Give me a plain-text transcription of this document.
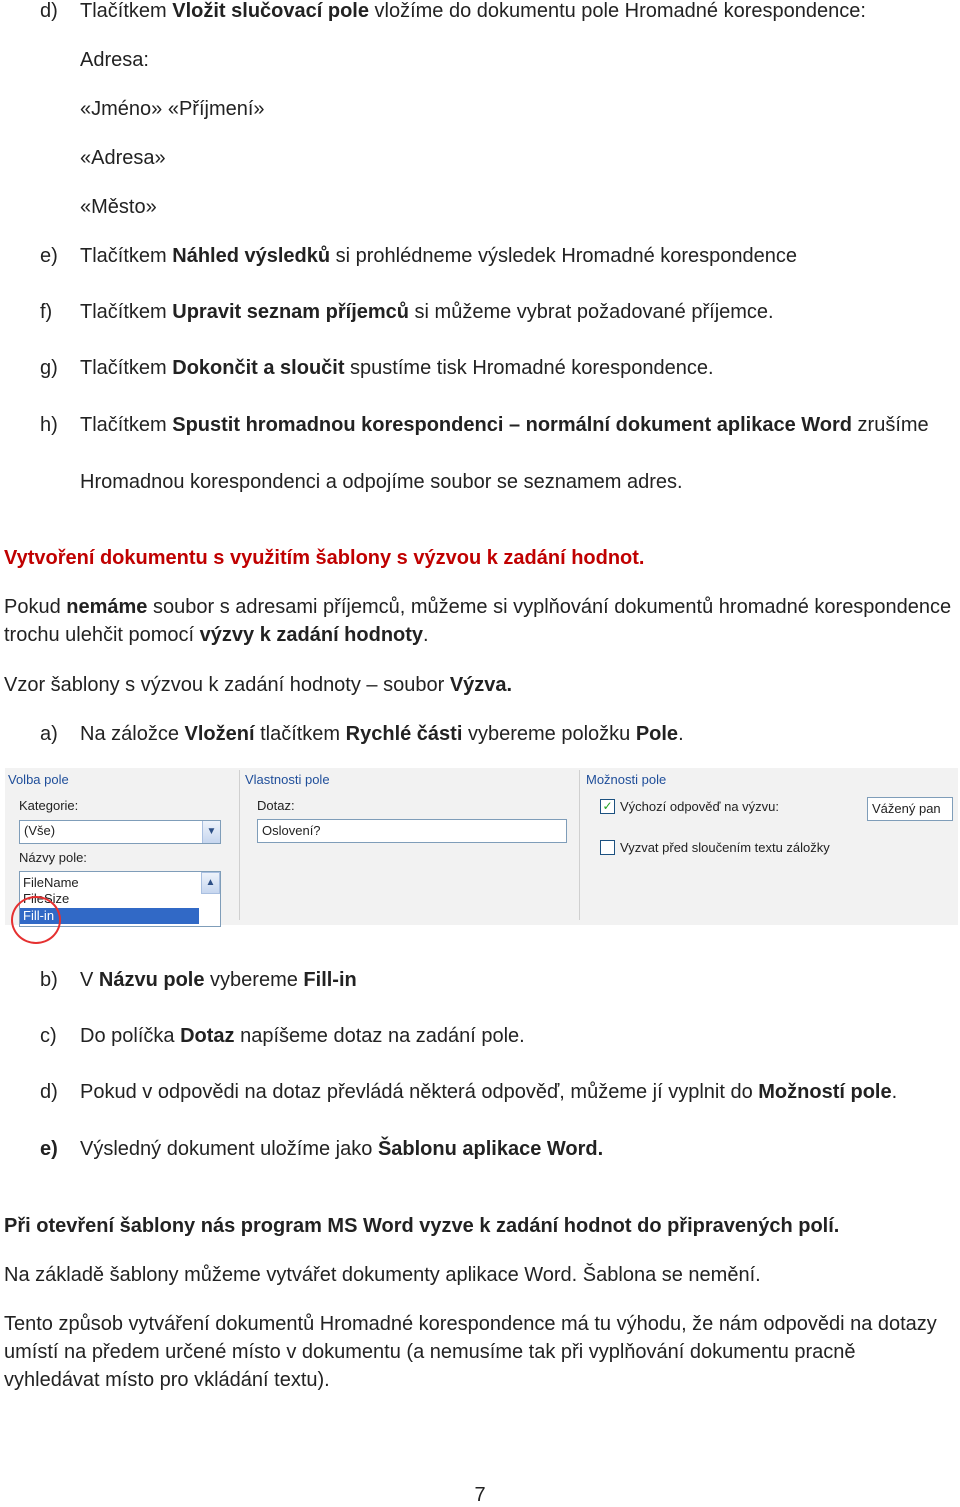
d) Tlačítkem Vložit slučovací pole vložíme do dokumentu pole Hromadné korespondence:
Adresa:
«Jméno» «Příjmení»
«Adresa»
«Město»
e) Tlačítkem Náhled výsledků si prohlédneme výsledek Hromadné korespondence
f) Tlačítkem Upravit seznam příjemců si můžeme vybrat požadované příjemce.
g) Tlačítkem Dokončit a sloučit spustíme tisk Hromadné korespondence.
h) Tlačítkem Spustit hromadnou korespondenci – normální dokument aplikace Word zrušíme
Hromadnou korespondenci a odpojíme soubor se seznamem adres.
Vytvoření dokumentu s využitím šablony s výzvou k zadání hodnot.
Pokud nemáme soubor s adresami příjemců, můžeme si vyplňování dokumentů hromadné korespondence trochu ulehčit pomocí výzvy k zadání hodnoty.
Vzor šablony s výzvou k zadání hodnoty – soubor Výzva.
a) Na záložce Vložení tlačítkem Rychlé části vybereme položku Pole.
Volba pole
Kategorie:
(Vše)	▼
Názvy pole:
FileName
FileSize
Fill-in
▲
Vlastnosti pole
Dotaz:
Oslovení?
Možnosti pole
✓ Výchozí odpověď na výzvu:	Vážený pan
Vyzvat před sloučením textu záložky
b) V Názvu pole vybereme Fill-in
c) Do políčka Dotaz napíšeme dotaz na zadání pole.
d) Pokud v odpovědi na dotaz převládá některá odpověď, můžeme jí vyplnit do Možností pole.
e) Výsledný dokument uložíme jako Šablonu aplikace Word.
Při otevření šablony nás program MS Word vyzve k zadání hodnot do připravených polí.
Na základě šablony můžeme vytvářet dokumenty aplikace Word. Šablona se nemění.
Tento způsob vytváření dokumentů Hromadné korespondence má tu výhodu, že nám odpovědi na dotazy umístí na předem určené místo v dokumentu (a nemusíme tak při vyplňování dokumentu pracně vyhledávat místo pro vkládání textu).
7
